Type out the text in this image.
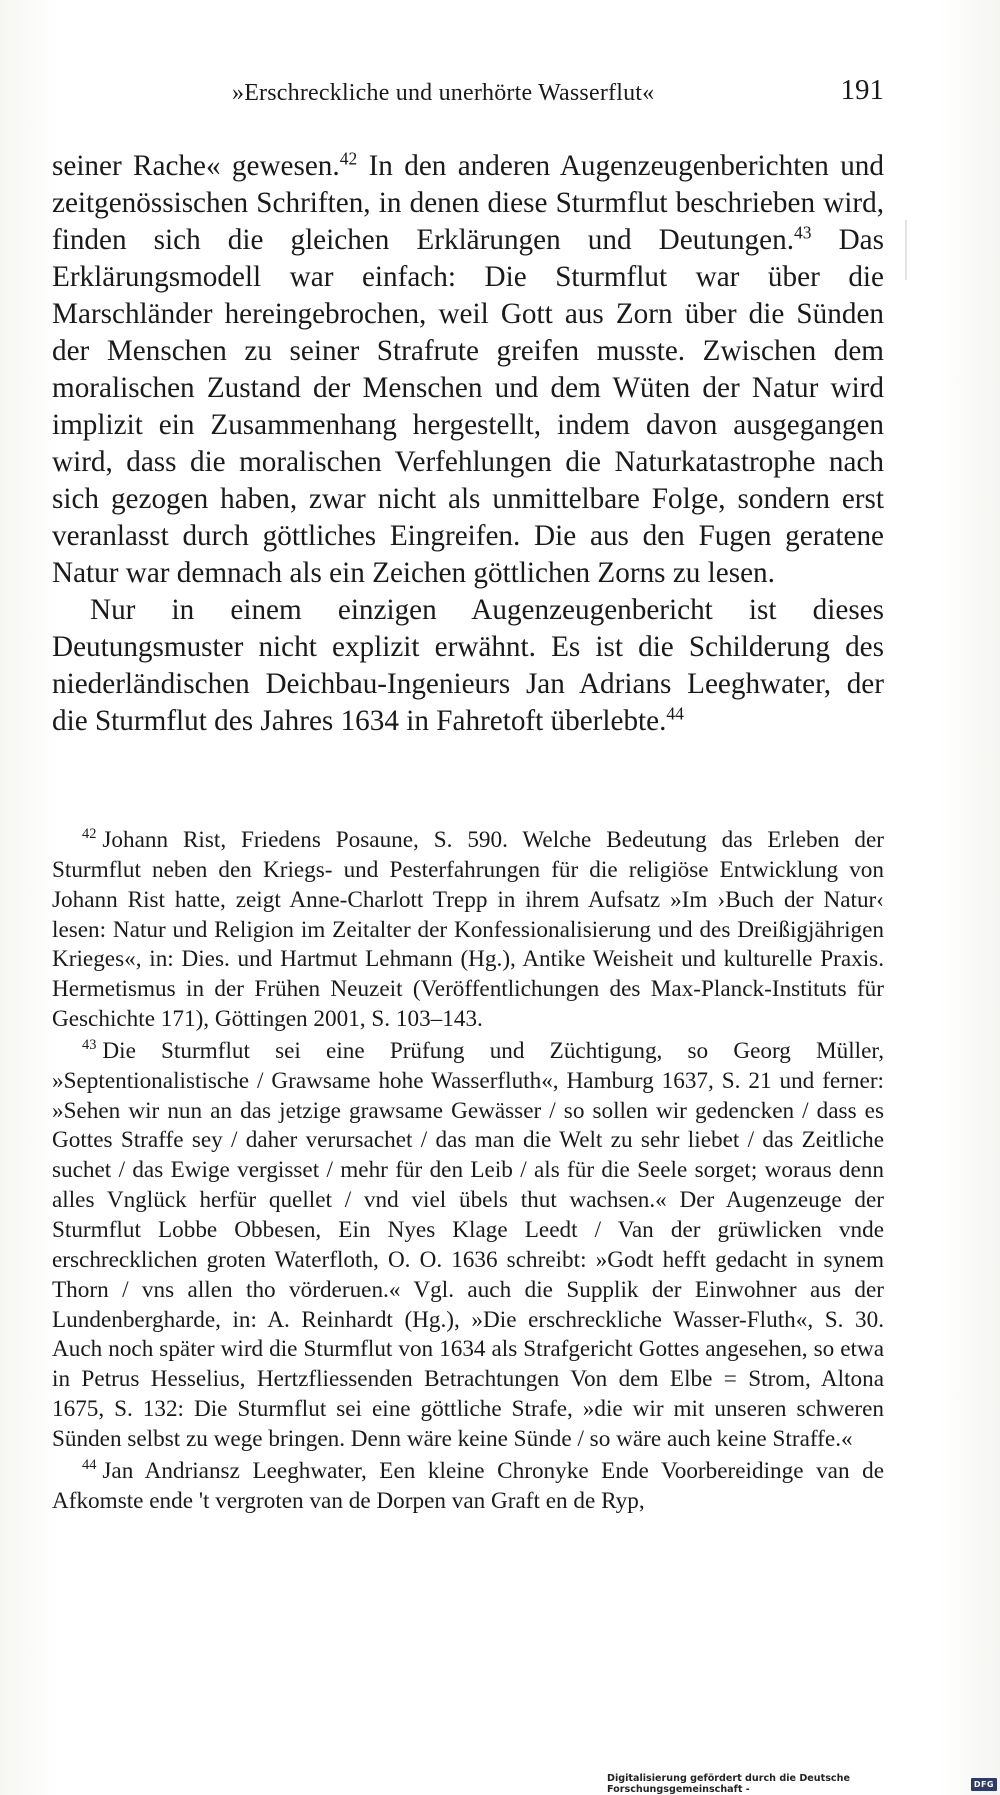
»Erschreckliche und unerhörte Wasserflut«	191

seiner Rache« gewesen.$^{42}$ In den anderen Augenzeugenberichten und zeitgenössischen Schriften, in denen diese Sturmflut beschrieben wird, finden sich die gleichen Erklärungen und Deutungen.$^{43}$ Das Erklärungsmodell war einfach: Die Sturmflut war über die Marschländer hereingebrochen, weil Gott aus Zorn über die Sünden der Menschen zu seiner Strafrute greifen musste. Zwischen dem moralischen Zustand der Menschen und dem Wüten der Natur wird implizit ein Zusammenhang hergestellt, indem davon ausgegangen wird, dass die moralischen Verfehlungen die Naturkatastrophe nach sich gezogen haben, zwar nicht als unmittelbare Folge, sondern erst veranlasst durch göttliches Eingreifen. Die aus den Fugen geratene Natur war demnach als ein Zeichen göttlichen Zorns zu lesen.

Nur in einem einzigen Augenzeugenbericht ist dieses Deutungsmuster nicht explizit erwähnt. Es ist die Schilderung des niederländischen Deichbau-Ingenieurs Jan Adrians Leeghwater, der die Sturmflut des Jahres 1634 in Fahretoft überlebte.$^{44}$

$^{42}$ Johann Rist, Friedens Posaune, S. 590. Welche Bedeutung das Erleben der Sturmflut neben den Kriegs- und Pesterfahrungen für die religiöse Entwicklung von Johann Rist hatte, zeigt Anne-Charlott Trepp in ihrem Aufsatz »Im ›Buch der Natur‹ lesen: Natur und Religion im Zeitalter der Konfessionalisierung und des Dreißigjährigen Krieges«, in: Dies. und Hartmut Lehmann (Hg.), Antike Weisheit und kulturelle Praxis. Hermetismus in der Frühen Neuzeit (Veröffentlichungen des Max-Planck-Instituts für Geschichte 171), Göttingen 2001, S. 103–143.

$^{43}$ Die Sturmflut sei eine Prüfung und Züchtigung, so Georg Müller, »Septentionalistische / Grawsame hohe Wasserfluth«, Hamburg 1637, S. 21 und ferner: »Sehen wir nun an das jetzige grawsame Gewässer / so sollen wir gedencken / dass es Gottes Straffe sey / daher verursachet / das man die Welt zu sehr liebet / das Zeitliche suchet / das Ewige vergisset / mehr für den Leib / als für die Seele sorget; woraus denn alles Vnglück herfür quellet / vnd viel übels thut wachsen.« Der Augenzeuge der Sturmflut Lobbe Obbesen, Ein Nyes Klage Leedt / Van der grüwlicken vnde erschrecklichen groten Waterfloth, O. O. 1636 schreibt: »Godt hefft gedacht in synem Thorn / vns allen tho vörderuen.« Vgl. auch die Supplik der Einwohner aus der Lundenbergharde, in: A. Reinhardt (Hg.), »Die erschreckliche Wasser-Fluth«, S. 30. Auch noch später wird die Sturmflut von 1634 als Strafgericht Gottes angesehen, so etwa in Petrus Hesselius, Hertzfliessenden Betrachtungen Von dem Elbe = Strom, Altona 1675, S. 132: Die Sturmflut sei eine göttliche Strafe, »die wir mit unseren schweren Sünden selbst zu wege bringen. Denn wäre keine Sünde / so wäre auch keine Straffe.«

$^{44}$ Jan Andriansz Leeghwater, Een kleine Chronyke Ende Voorbereidinge van de Afkomste ende 't vergroten van de Dorpen van Graft en de Ryp,

Digitalisierung gefördert durch die Deutsche Forschungsgemeinschaft -	DFG
